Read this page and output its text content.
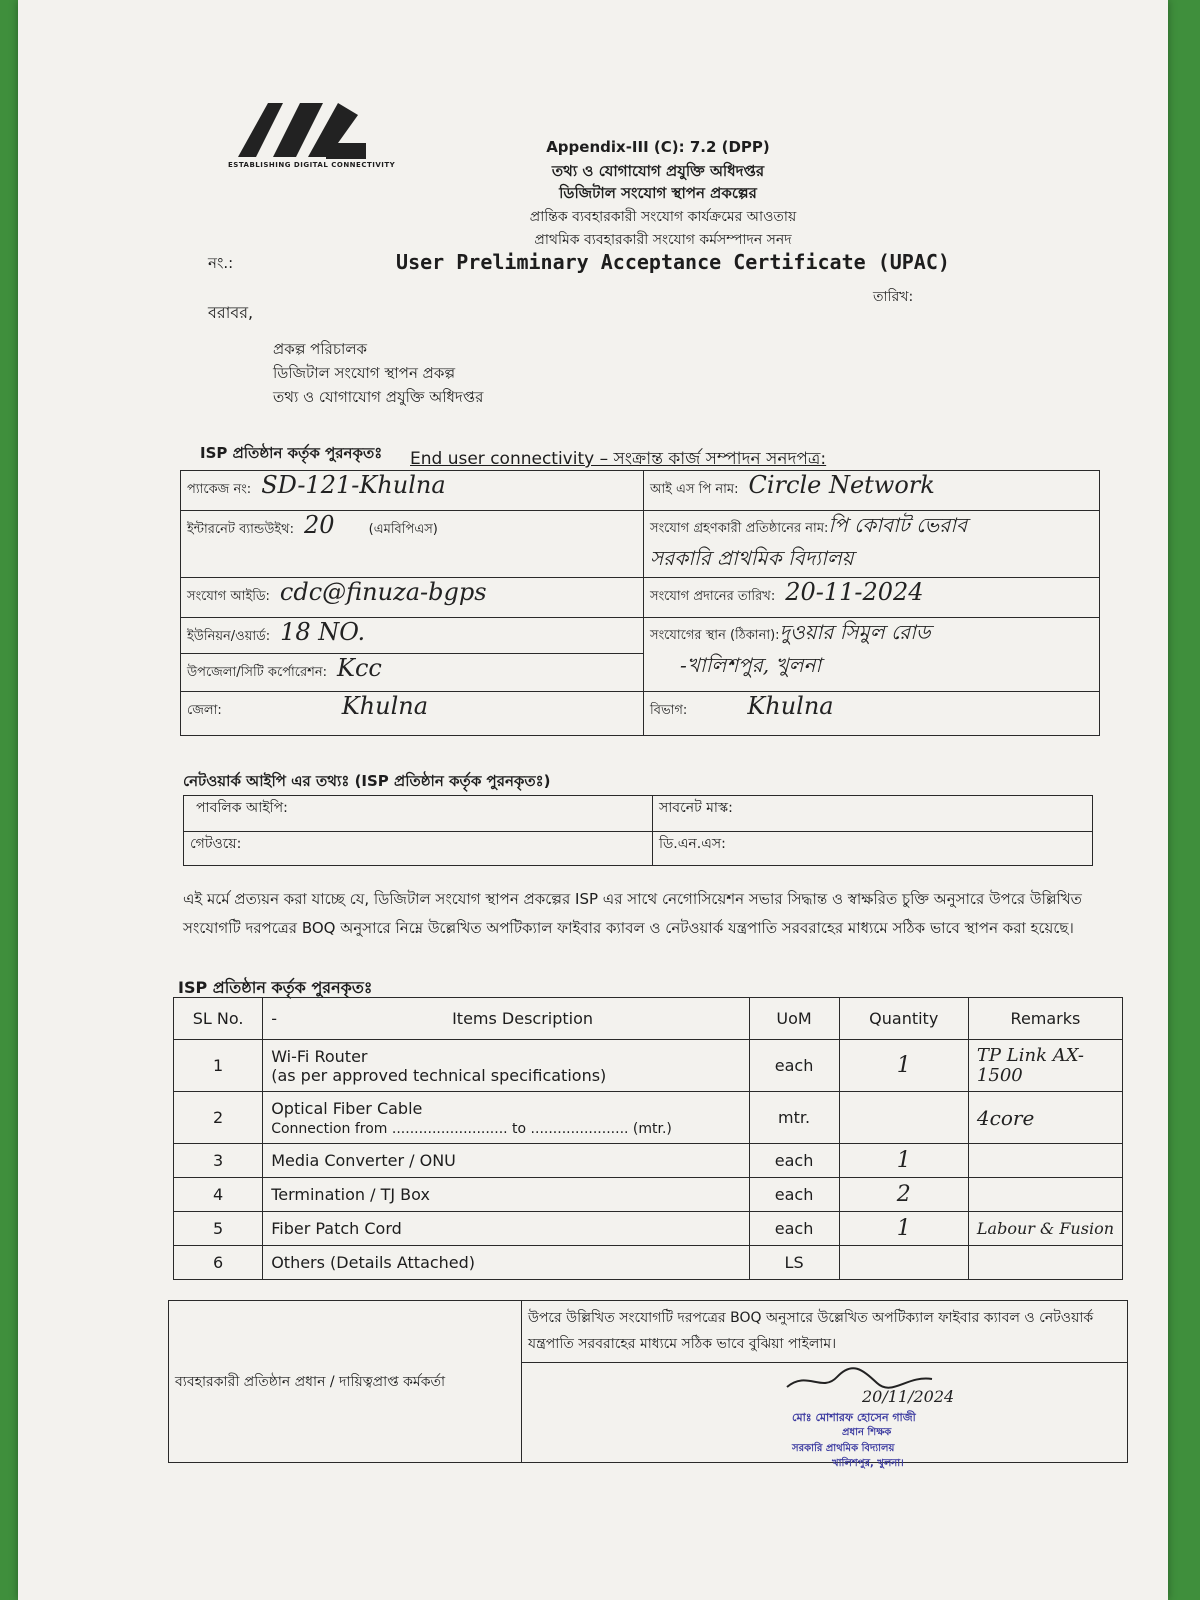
ESTABLISHING DIGITAL CONNECTIVITY
Appendix-III (C): 7.2 (DPP)
তথ্য ও যোগাযোগ প্রযুক্তি অধিদপ্তর
ডিজিটাল সংযোগ স্থাপন প্রকল্পের
প্রান্তিক ব্যবহারকারী সংযোগ কার্যক্রমের আওতায়
প্রাথমিক ব্যবহারকারী সংযোগ কর্মসম্পাদন সনদ
User Preliminary Acceptance Certificate (UPAC)
নং.:
তারিখ:
বরাবর,
প্রকল্প পরিচালক
ডিজিটাল সংযোগ স্থাপন প্রকল্প
তথ্য ও যোগাযোগ প্রযুক্তি অধিদপ্তর
End user connectivity – সংক্রান্ত কার্জ সম্পাদন সনদপত্র:
ISP প্রতিষ্ঠান কর্তৃক পুরনকৃতঃ
প্যাকেজ নং: SD-121-Khulna	আই এস পি নাম: Circle Network
ইন্টারনেট ব্যান্ডউইথ: 20 (এমবিপিএস)	সংযোগ গ্রহণকারী প্রতিষ্ঠানের নাম:পি কোবাট ভেরাব
সরকারি প্রাথমিক বিদ্যালয়
সংযোগ আইডি: cdc@finuza-bgps	সংযোগ প্রদানের তারিখ: 20-11-2024
ইউনিয়ন/ওয়ার্ড: 18 NO.	সংযোগের স্থান (ঠিকানা):দুওয়ার সিমুল রোড
-খালিশপুর, খুলনা
উপজেলা/সিটি কর্পোরেশন: Kcc	
জেলা: Khulna	বিভাগ: Khulna
নেটওয়ার্ক আইপি এর তথ্যঃ (ISP প্রতিষ্ঠান কর্তৃক পুরনকৃতঃ)
পাবলিক আইপি:	সাবনেট মাস্ক:
গেটওয়ে:	ডি.এন.এস:
এই মর্মে প্রত্যয়ন করা যাচ্ছে যে, ডিজিটাল সংযোগ স্থাপন প্রকল্পের ISP এর সাথে নেগোসিয়েশন সভার সিদ্ধান্ত ও স্বাক্ষরিত চুক্তি অনুসারে উপরে উল্লিখিত সংযোগটি দরপত্রের BOQ অনুসারে নিম্নে উল্লেখিত অপটিক্যাল ফাইবার ক্যাবল ও নেটওয়ার্ক যন্ত্রপাতি সরবরাহের মাধ্যমে সঠিক ভাবে স্থাপন করা হয়েছে।
ISP প্রতিষ্ঠান কর্তৃক পুরনকৃতঃ
SL No.	- Items Description	UoM	Quantity	Remarks
1	Wi-Fi Router
(as per approved technical specifications)	each	1	TP Link AX-1500
2	Optical Fiber Cable
Connection from .......................... to ...................... (mtr.)	mtr.		4core
3	Media Converter / ONU	each	1	
4	Termination / TJ Box	each	2	
5	Fiber Patch Cord	each	1	Labour & Fusion
6	Others (Details Attached)	LS		
ব্যবহারকারী প্রতিষ্ঠান প্রধান / দায়িত্বপ্রাপ্ত কর্মকর্তা	উপরে উল্লিখিত সংযোগটি দরপত্রের BOQ অনুসারে উল্লেখিত অপটিক্যাল ফাইবার ক্যাবল ও নেটওয়ার্ক যন্ত্রপাতি সরবরাহের মাধ্যমে সঠিক ভাবে বুঝিয়া পাইলাম।

20/11/2024
মোঃ মোশারফ হোসেন গাজী
প্রধান শিক্ষক
সরকারি প্রাথমিক বিদ্যালয়
খালিশপুর, খুলনা।
